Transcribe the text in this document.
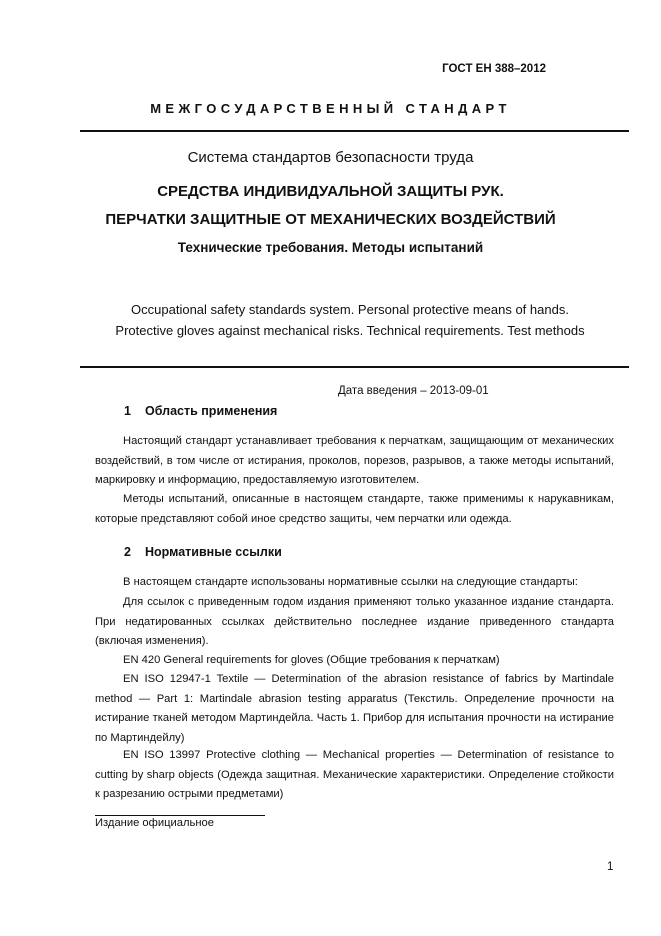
ГОСТ ЕН 388–2012
МЕЖГОСУДАРСТВЕННЫЙ СТАНДАРТ
Система стандартов безопасности труда
СРЕДСТВА ИНДИВИДУАЛЬНОЙ ЗАЩИТЫ РУК.
ПЕРЧАТКИ ЗАЩИТНЫЕ ОТ МЕХАНИЧЕСКИХ ВОЗДЕЙСТВИЙ
Технические требования. Методы испытаний
Occupational safety standards system. Personal protective means of hands.
Protective gloves against mechanical risks. Technical requirements. Test methods
Дата введения – 2013-09-01
1 Область применения
Настоящий стандарт устанавливает требования к перчаткам, защищающим от механических воздействий, в том числе от истирания, проколов, порезов, разрывов, а также методы испытаний, маркировку и информацию, предоставляемую изготовителем.
Методы испытаний, описанные в настоящем стандарте, также применимы к нарукавникам, которые представляют собой иное средство защиты, чем перчатки или одежда.
2 Нормативные ссылки
В настоящем стандарте использованы нормативные ссылки на следующие стандарты:
Для ссылок с приведенным годом издания применяют только указанное издание стандарта. При недатированных ссылках действительно последнее издание приведенного стандарта (включая изменения).
EN 420 General requirements for gloves (Общие требования к перчаткам)
EN ISO 12947-1 Textile — Determination of the abrasion resistance of fabrics by Martindale method — Part 1: Martindale abrasion testing apparatus (Текстиль. Определение прочности на истирание тканей методом Мартиндейла. Часть 1. Прибор для испытания прочности на истирание по Мартиндейлу)
EN ISO 13997 Protective clothing — Mechanical properties — Determination of resistance to cutting by sharp objects (Одежда защитная. Механические характеристики. Определение стойкости к разрезанию острыми предметами)
Издание официальное
1
